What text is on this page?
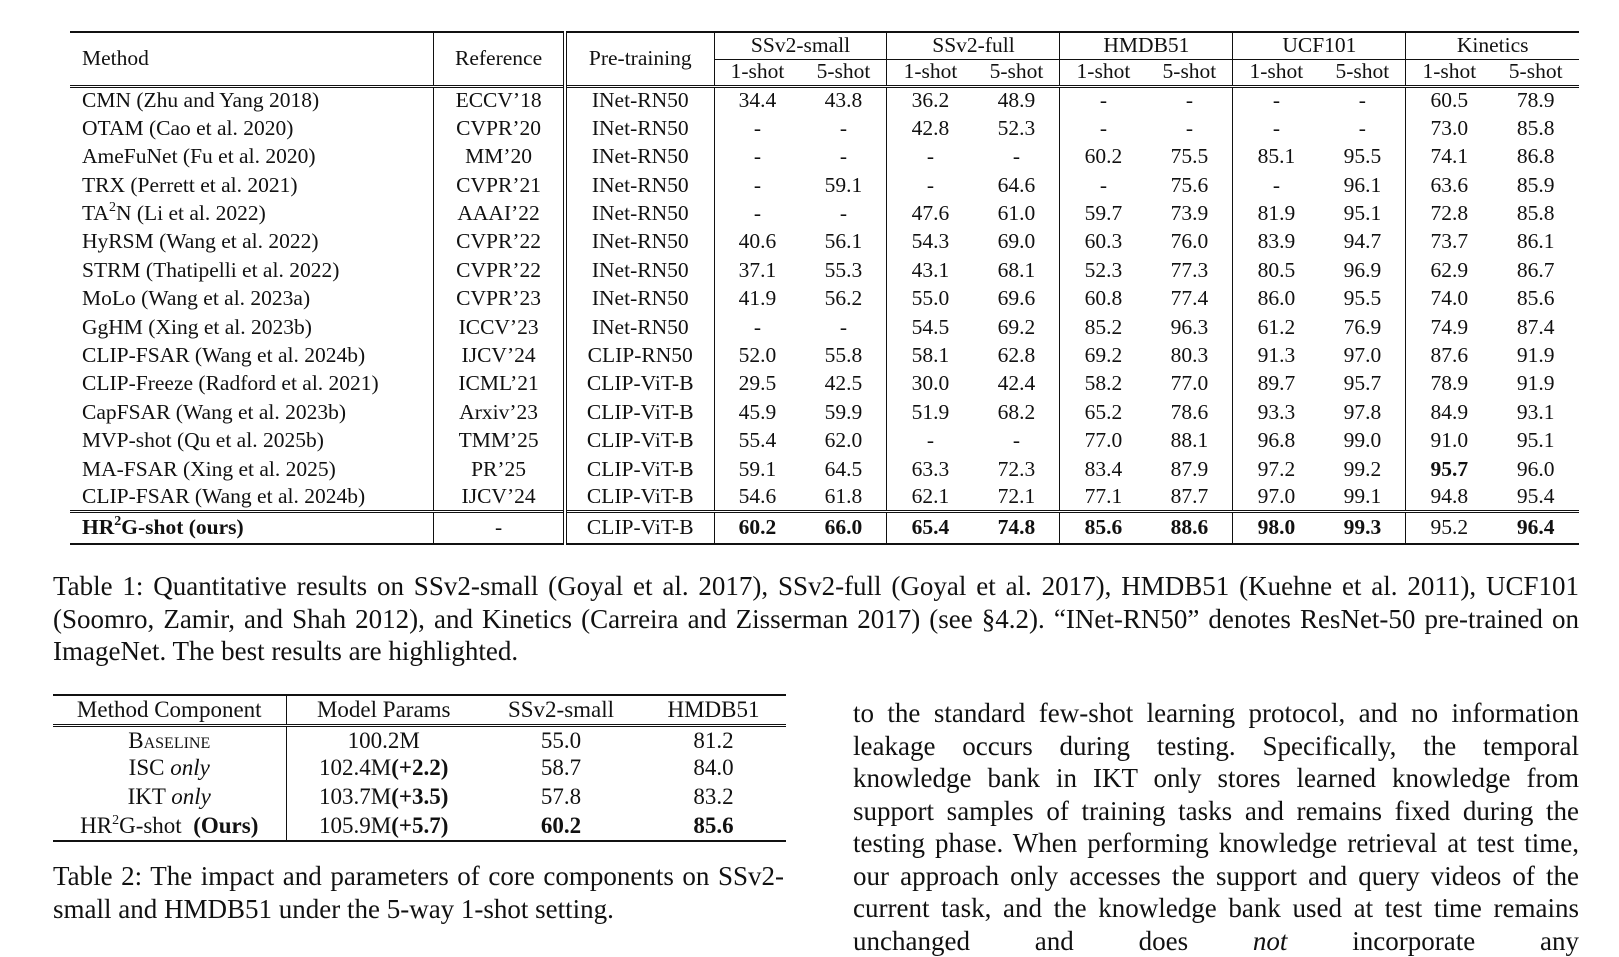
Method	Reference	Pre-training	SSv2-small		SSv2-full		HMDB51		UCF101		Kinetics	
			1-shot	5-shot	1-shot	5-shot	1-shot	5-shot	1-shot	5-shot	1-shot	5-shot
CMN (Zhu and Yang 2018)	ECCV’18	INet-RN50	34.4	43.8	36.2	48.9	-	-	-	-	60.5	78.9
OTAM (Cao et al. 2020)	CVPR’20	INet-RN50	-	-	42.8	52.3	-	-	-	-	73.0	85.8
AmeFuNet (Fu et al. 2020)	MM’20	INet-RN50	-	-	-	-	60.2	75.5	85.1	95.5	74.1	86.8
TRX (Perrett et al. 2021)	CVPR’21	INet-RN50	-	59.1	-	64.6	-	75.6	-	96.1	63.6	85.9
$TA^2N$ (Li et al. 2022)	AAAI’22	INet-RN50	-	-	47.6	61.0	59.7	73.9	81.9	95.1	72.8	85.8
HyRSM (Wang et al. 2022)	CVPR’22	INet-RN50	40.6	56.1	54.3	69.0	60.3	76.0	83.9	94.7	73.7	86.1
STRM (Thatipelli et al. 2022)	CVPR’22	INet-RN50	37.1	55.3	43.1	68.1	52.3	77.3	80.5	96.9	62.9	86.7
MoLo (Wang et al. 2023a)	CVPR’23	INet-RN50	41.9	56.2	55.0	69.6	60.8	77.4	86.0	95.5	74.0	85.6
GgHM (Xing et al. 2023b)	ICCV’23	INet-RN50	-	-	54.5	69.2	85.2	96.3	61.2	76.9	74.9	87.4
CLIP-FSAR (Wang et al. 2024b)	IJCV’24	CLIP-RN50	52.0	55.8	58.1	62.8	69.2	80.3	91.3	97.0	87.6	91.9
CLIP-Freeze (Radford et al. 2021)	ICML’21	CLIP-ViT-B	29.5	42.5	30.0	42.4	58.2	77.0	89.7	95.7	78.9	91.9
CapFSAR (Wang et al. 2023b)	Arxiv’23	CLIP-ViT-B	45.9	59.9	51.9	68.2	65.2	78.6	93.3	97.8	84.9	93.1
MVP-shot (Qu et al. 2025b)	TMM’25	CLIP-ViT-B	55.4	62.0	-	-	77.0	88.1	96.8	99.0	91.0	95.1
MA-FSAR (Xing et al. 2025)	PR’25	CLIP-ViT-B	59.1	64.5	63.3	72.3	83.4	87.9	97.2	99.2	95.7	96.0
CLIP-FSAR (Wang et al. 2024b)	IJCV’24	CLIP-ViT-B	54.6	61.8	62.1	72.1	77.1	87.7	97.0	99.1	94.8	95.4
$HR^2G$-shot (ours)	-	CLIP-ViT-B	60.2	66.0	65.4	74.8	85.6	88.6	98.0	99.3	95.2	96.4

Table 1: Quantitative results on SSv2-small (Goyal et al. 2017), SSv2-full (Goyal et al. 2017), HMDB51 (Kuehne et al. 2011), UCF101 (Soomro, Zamir, and Shah 2012), and Kinetics (Carreira and Zisserman 2017) (see §4.2). “INet-RN50” denotes ResNet-50 pre-trained on ImageNet. The best results are highlighted.

Method Component	Model Params	SSv2-small	HMDB51
Baseline	100.2M	55.0	81.2
ISC only	102.4M(+2.2)	58.7	84.0
IKT only	103.7M(+3.5)	57.8	83.2
$HR^2G$-shot  (Ours)	105.9M(+5.7)	60.2	85.6

Table 2: The impact and parameters of core components on SSv2-small and HMDB51 under the 5-way 1-shot setting.

to the standard few-shot learning protocol, and no information leakage occurs during testing. Specifically, the temporal knowledge bank in IKT only stores learned knowledge from support samples of training tasks and remains fixed during the testing phase. When performing knowledge retrieval at test time, our approach only accesses the support and query videos of the current task, and the knowledge bank used at test time remains unchanged and does not incorporate any
